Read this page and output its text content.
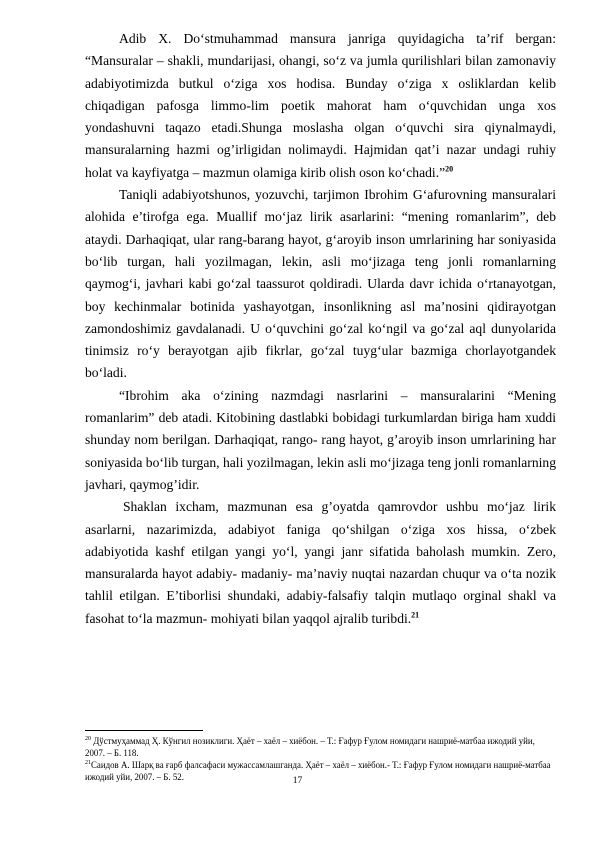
Adib X. Do‘stmuhammad mansura janriga quyidagicha ta’rif bergan: “Mansuralar – shakli, mundarijasi, ohangi, so‘z va jumla qurilishlari bilan zamonaviy adabiyotimizda butkul o‘ziga xos hodisa. Bunday o‘ziga x osliklardan kelib chiqadigan pafosga limmo-lim poetik mahorat ham o‘quvchidan unga xos yondashuvni taqazo etadi.Shunga moslasha olgan o‘quvchi sira qiynalmaydi, mansuralarning hazmi og’irligidan nolimaydi. Hajmidan qat’i nazar undagi ruhiy holat va kayfiyatga – mazmun olamiga kirib olish oson ko‘chadi.”$^{20}$

Taniqli adabiyotshunos, yozuvchi, tarjimon Ibrohim G‘afurovning mansuralari alohida e’tirofga ega. Muallif mo‘jaz lirik asarlarini: “mening romanlarim”, deb ataydi. Darhaqiqat, ular rang-barang hayot, g‘aroyib inson umrlarining har soniyasida bo‘lib turgan, hali yozilmagan, lekin, asli mo‘jizaga teng jonli romanlarning qaymog‘i, javhari kabi go‘zal taassurot qoldiradi. Ularda davr ichida o‘rtanayotgan, boy kechinmalar botinida yashayotgan, insonlikning asl ma’nosini qidirayotgan zamondoshimiz gavdalanadi. U o‘quvchini go‘zal ko‘ngil va go‘zal aql dunyolarida tinimsiz ro‘y berayotgan ajib fikrlar, go‘zal tuyg‘ular bazmiga chorlayotgandek bo‘ladi.

“Ibrohim aka o‘zining nazmdagi nasrlarini – mansuralarini “Mening romanlarim” deb atadi. Kitobining dastlabki bobidagi turkumlardan biriga ham xuddi shunday nom berilgan. Darhaqiqat, rango- rang hayot, g’aroyib inson umrlarining har soniyasida bo‘lib turgan, hali yozilmagan, lekin asli mo‘jizaga teng jonli romanlarning javhari, qaymog’idir.

Shaklan ixcham, mazmunan esa g’oyatda qamrovdor ushbu mo‘jaz lirik asarlarni, nazarimizda, adabiyot faniga qo‘shilgan o‘ziga xos hissa, o‘zbek adabiyotida kashf etilgan yangi yo‘l, yangi janr sifatida baholash mumkin. Zero, mansuralarda hayot adabiy- madaniy- ma’naviy nuqtai nazardan chuqur va o‘ta nozik tahlil etilgan. E’tiborlisi shundaki, adabiy-falsafiy talqin mutlaqo orginal shakl va fasohat to‘la mazmun- mohiyati bilan yaqqol ajralib turibdi.$^{21}$

$^{20}$ Дўстмуҳаммад Ҳ. Кўнгил нозиклиги. Ҳаёт – хаёл – хиёбон. – Т.: Ғафур Ғулом номидаги нашриё-матбаа ижодий уйи, 2007. – Б. 118.

$^{21}$Саидов А. Шарқ ва ғарб фалсафаси мужассамлашганда. Ҳаёт – хаёл – хиёбон.- Т.: Ғафур Ғулом номидаги нашриё-матбаа ижодий уйи, 2007. – Б. 52.	17
